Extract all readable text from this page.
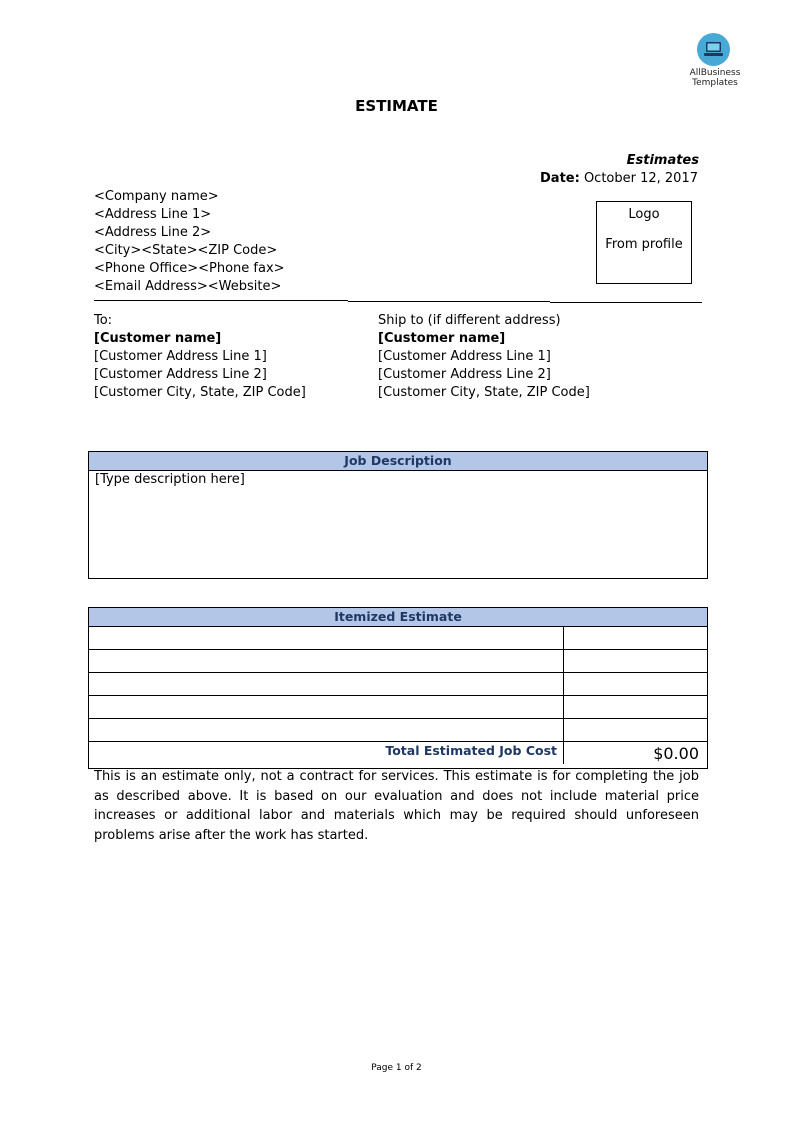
AllBusiness
Templates
ESTIMATE
Estimates
Date: October 12, 2017
<Company name>
<Address Line 1>
<Address Line 2>
<City><State><ZIP Code>
<Phone Office><Phone fax>
<Email Address><Website>
Logo
From profile
To:
[Customer name]
[Customer Address Line 1]
[Customer Address Line 2]
[Customer City, State, ZIP Code]
Ship to (if different address)
[Customer name]
[Customer Address Line 1]
[Customer Address Line 2]
[Customer City, State, ZIP Code]
Job Description
[Type description here]
Itemized Estimate
Total Estimated Job Cost	$0.00
This is an estimate only, not a contract for services. This estimate is for completing the job as described above. It is based on our evaluation and does not include material price increases or additional labor and materials which may be required should unforeseen problems arise after the work has started.
Page 1 of 2
